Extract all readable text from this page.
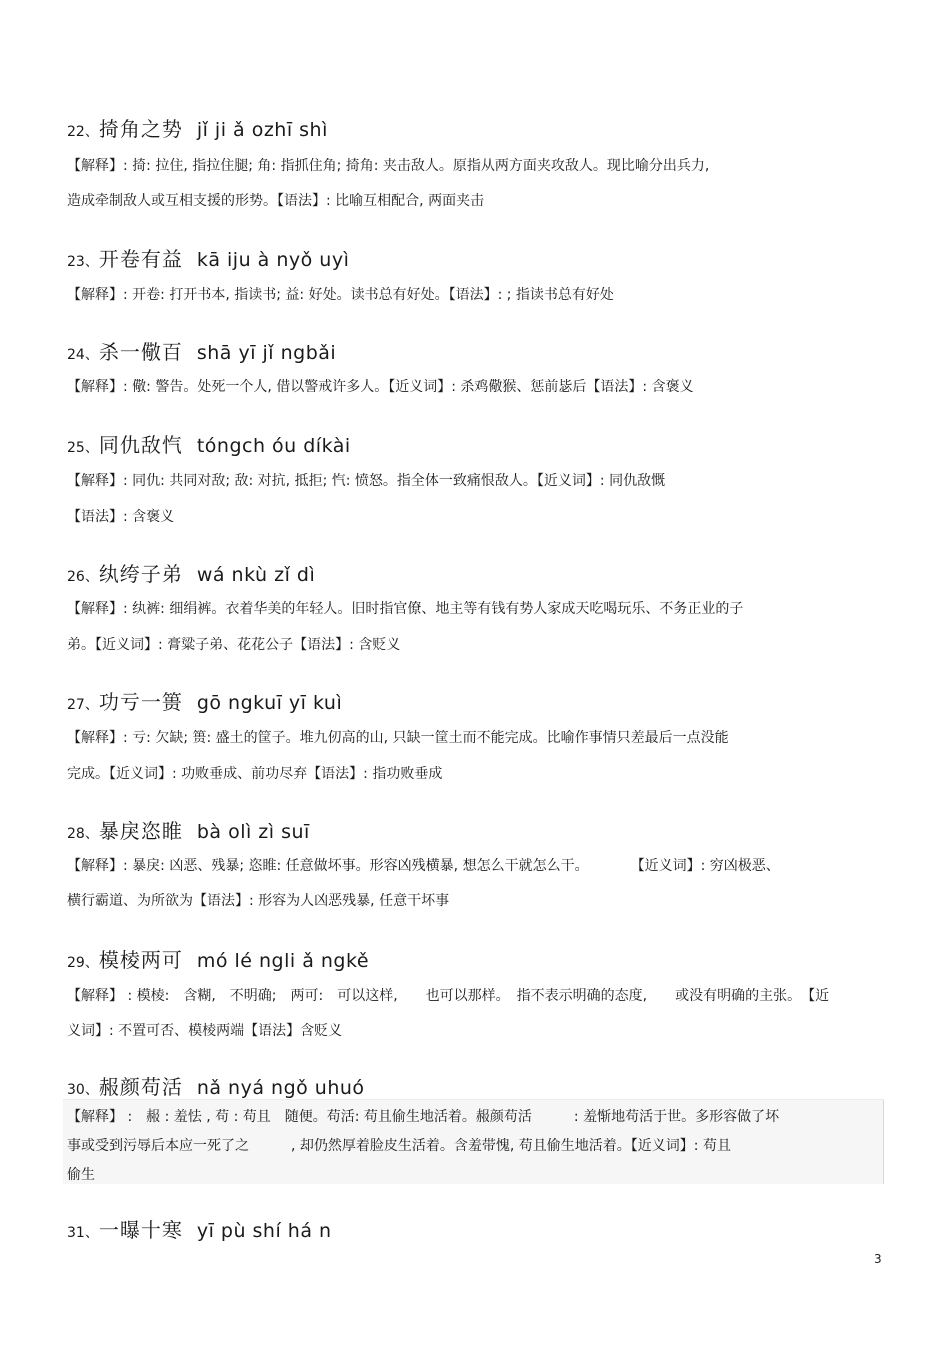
22、掎角之势 jǐ ji ǎ ozhī shì
【解释】: 掎: 拉住, 指拉住腿; 角: 指抓住角; 掎角: 夹击敌人。原指从两方面夹攻敌人。现比喻分出兵力,
造成牵制敌人或互相支援的形势。【语法】: 比喻互相配合, 两面夹击
23、开卷有益 kā iju à nyǒ uyì
【解释】: 开卷: 打开书本, 指读书; 益: 好处。读书总有好处。【语法】: ; 指读书总有好处
24、杀一儆百 shā yī jǐ ngbǎi
【解释】: 儆: 警告。处死一个人, 借以警戒许多人。【近义词】: 杀鸡儆猴、惩前毖后【语法】: 含褒义
25、同仇敌忾 tóngch óu díkài
【解释】: 同仇: 共同对敌; 敌: 对抗, 抵拒; 忾: 愤怒。指全体一致痛恨敌人。【近义词】: 同仇敌慨
【语法】: 含褒义
26、纨绔子弟 wá nkù zǐ dì
【解释】: 纨裤: 细绢裤。衣着华美的年轻人。旧时指官僚、地主等有钱有势人家成天吃喝玩乐、不务正业的子
弟。【近义词】: 膏粱子弟、花花公子【语法】: 含贬义
27、功亏一篑 gō ngkuī yī kuì
【解释】: 亏: 欠缺; 篑: 盛土的筐子。堆九仞高的山, 只缺一筐土而不能完成。比喻作事情只差最后一点没能
完成。【近义词】: 功败垂成、前功尽弃【语法】: 指功败垂成
28、暴戾恣睢 bà olì zì suī
【解释】: 暴戾: 凶恶、残暴; 恣睢: 任意做坏事。形容凶残横暴, 想怎么干就怎么干。　　　　【近义词】: 穷凶极恶、
横行霸道、为所欲为【语法】: 形容为人凶恶残暴, 任意干坏事
29、模棱两可 mó lé ngli ǎ ngkě
【解释】 : 模棱:　含糊,　不明确;　两可:　可以这样,　　也可以那样。　指不表示明确的态度,　　或没有明确的主张。　【近
义词】: 不置可否、模棱两端【语法】含贬义
30、赧颜苟活 nǎ nyá ngǒ uhuó
【解释】 :　赧 : 羞怯 , 苟 : 苟且　随便。苟活: 苟且偷生地活着。赧颜苟活　　　: 羞惭地苟活于世。多形容做了坏
事或受到污辱后本应一死了之　　　, 却仍然厚着脸皮生活着。含羞带愧, 苟且偷生地活着。【近义词】: 苟且
偷生
31、一曝十寒 yī pù shí há n
3
